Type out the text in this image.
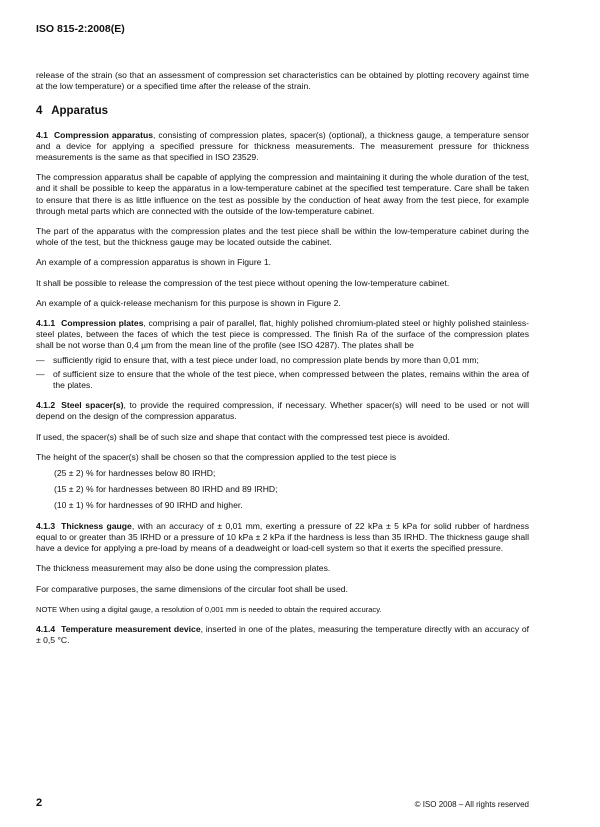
ISO 815-2:2008(E)

release of the strain (so that an assessment of compression set characteristics can be obtained by plotting recovery against time at the low temperature) or a specified time after the release of the strain.

4 Apparatus

4.1 Compression apparatus, consisting of compression plates, spacer(s) (optional), a thickness gauge, a temperature sensor and a device for applying a specified pressure for thickness measurements. The measurement pressure for thickness measurements is the same as that specified in ISO 23529.

The compression apparatus shall be capable of applying the compression and maintaining it during the whole duration of the test, and it shall be possible to keep the apparatus in a low-temperature cabinet at the specified test temperature. Care shall be taken to ensure that there is as little influence on the test as possible by the conduction of heat away from the test piece, for example through metal parts which are connected with the outside of the low-temperature cabinet.

The part of the apparatus with the compression plates and the test piece shall be within the low-temperature cabinet during the whole of the test, but the thickness gauge may be located outside the cabinet.

An example of a compression apparatus is shown in Figure 1.

It shall be possible to release the compression of the test piece without opening the low-temperature cabinet.

An example of a quick-release mechanism for this purpose is shown in Figure 2.

4.1.1 Compression plates, comprising a pair of parallel, flat, highly polished chromium-plated steel or highly polished stainless-steel plates, between the faces of which the test piece is compressed. The finish Ra of the surface of the compression plates shall be not worse than 0,4 µm from the mean line of the profile (see ISO 4287). The plates shall be

— sufficiently rigid to ensure that, with a test piece under load, no compression plate bends by more than 0,01 mm;
— of sufficient size to ensure that the whole of the test piece, when compressed between the plates, remains within the area of the plates.

4.1.2 Steel spacer(s), to provide the required compression, if necessary. Whether spacer(s) will need to be used or not will depend on the design of the compression apparatus.

If used, the spacer(s) shall be of such size and shape that contact with the compressed test piece is avoided.

The height of the spacer(s) shall be chosen so that the compression applied to the test piece is

(25 ± 2) % for hardnesses below 80 IRHD;
(15 ± 2) % for hardnesses between 80 IRHD and 89 IRHD;
(10 ± 1) % for hardnesses of 90 IRHD and higher.

4.1.3 Thickness gauge, with an accuracy of ± 0,01 mm, exerting a pressure of 22 kPa ± 5 kPa for solid rubber of hardness equal to or greater than 35 IRHD or a pressure of 10 kPa ± 2 kPa if the hardness is less than 35 IRHD. The thickness gauge shall have a device for applying a pre-load by means of a deadweight or load-cell system so that it exerts the specified pressure.

The thickness measurement may also be done using the compression plates.

For comparative purposes, the same dimensions of the circular foot shall be used.

NOTE When using a digital gauge, a resolution of 0,001 mm is needed to obtain the required accuracy.

4.1.4 Temperature measurement device, inserted in one of the plates, measuring the temperature directly with an accuracy of ± 0,5 °C.

2	© ISO 2008 – All rights reserved
